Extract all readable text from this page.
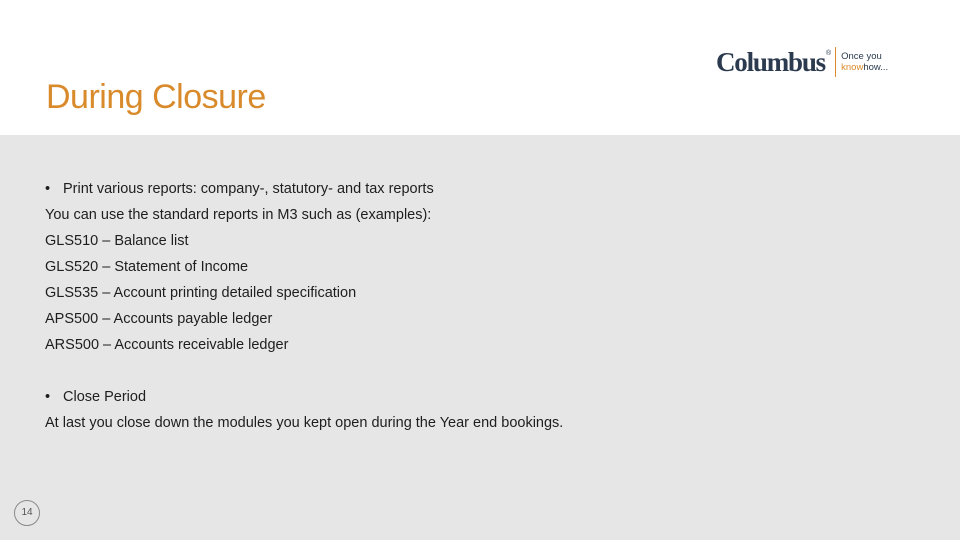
During Closure
Columbus ® Once you
knowhow...

• Print various reports: company-, statutory- and tax reports

You can use the standard reports in M3 such as (examples):

GLS510 – Balance list

GLS520 – Statement of Income

GLS535 – Account printing detailed specification

APS500 – Accounts payable ledger

ARS500 – Accounts receivable ledger

• Close Period

At last you close down the modules you kept open during the Year end bookings.

14
